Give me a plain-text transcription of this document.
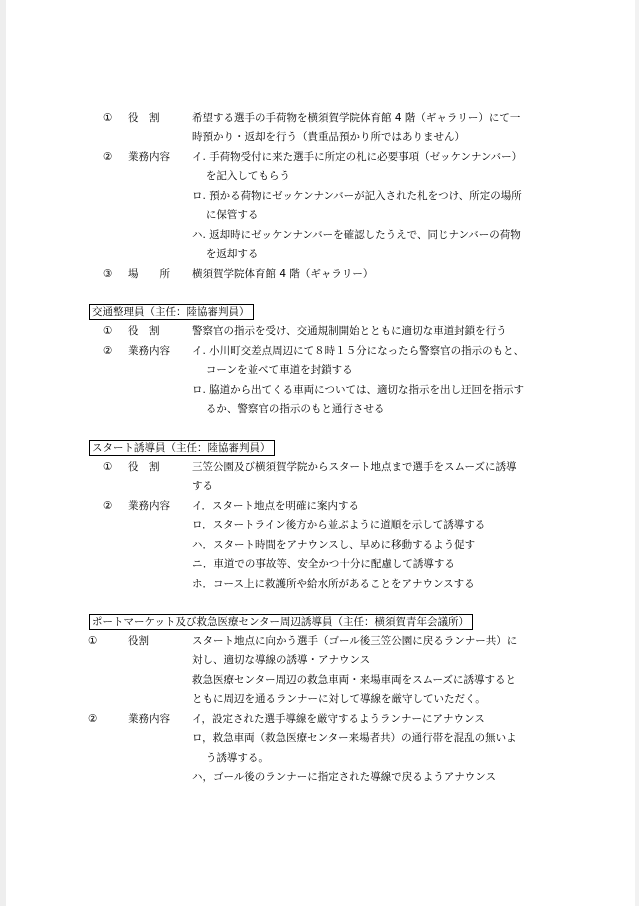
① 役　割	希望する選手の手荷物を横須賀学院体育館 4 階（ギャラリー）にて一
時預かり・返却を行う（貴重品預かり所ではありません）
② 業務内容 イ. 手荷物受付に来た選手に所定の札に必要事項（ゼッケンナンバー）
　 を記入してもらう
ロ. 預かる荷物にゼッケンナンバーが記入された札をつけ、所定の場所
　 に保管する
ハ. 返却時にゼッケンナンバーを確認したうえで、同じナンバーの荷物
　 を返却する
③ 場　　所 横須賀学院体育館 4 階（ギャラリー）
交通整理員（主任：陸協審判員）
① 役　割	警察官の指示を受け、交通規制開始とともに適切な車道封鎖を行う
② 業務内容 イ. 小川町交差点周辺にて８時１５分になったら警察官の指示のもと、
　 コーンを並べて車道を封鎖する
ロ. 脇道から出てくる車両については、適切な指示を出し迂回を指示す
　 るか、警察官の指示のもと通行させる
スタート誘導員（主任：陸協審判員）
① 役　割	三笠公園及び横須賀学院からスタート地点まで選手をスムーズに誘導
する
② 業務内容 イ．スタート地点を明確に案内する
ロ．スタートライン後方から並ぶように道順を示して誘導する
ハ．スタート時間をアナウンスし、早めに移動するよう促す
ニ．車道での事故等、安全かつ十分に配慮して誘導する
ホ．コース上に救護所や給水所があることをアナウンスする
ポートマーケット及び救急医療センター周辺誘導員（主任：横須賀青年会議所）
①	役割	スタート地点に向かう選手（ゴール後三笠公園に戻るランナー共）に
対し、適切な導線の誘導・アナウンス
救急医療センター周辺の救急車両・来場車両をスムーズに誘導すると
ともに周辺を通るランナーに対して導線を厳守していただく。
②	業務内容 イ，設定された選手導線を厳守するようランナーにアナウンス
ロ，救急車両（救急医療センター来場者共）の通行帯を混乱の無いよ
　 う誘導する。
ハ，ゴール後のランナーに指定された導線で戻るようアナウンス
